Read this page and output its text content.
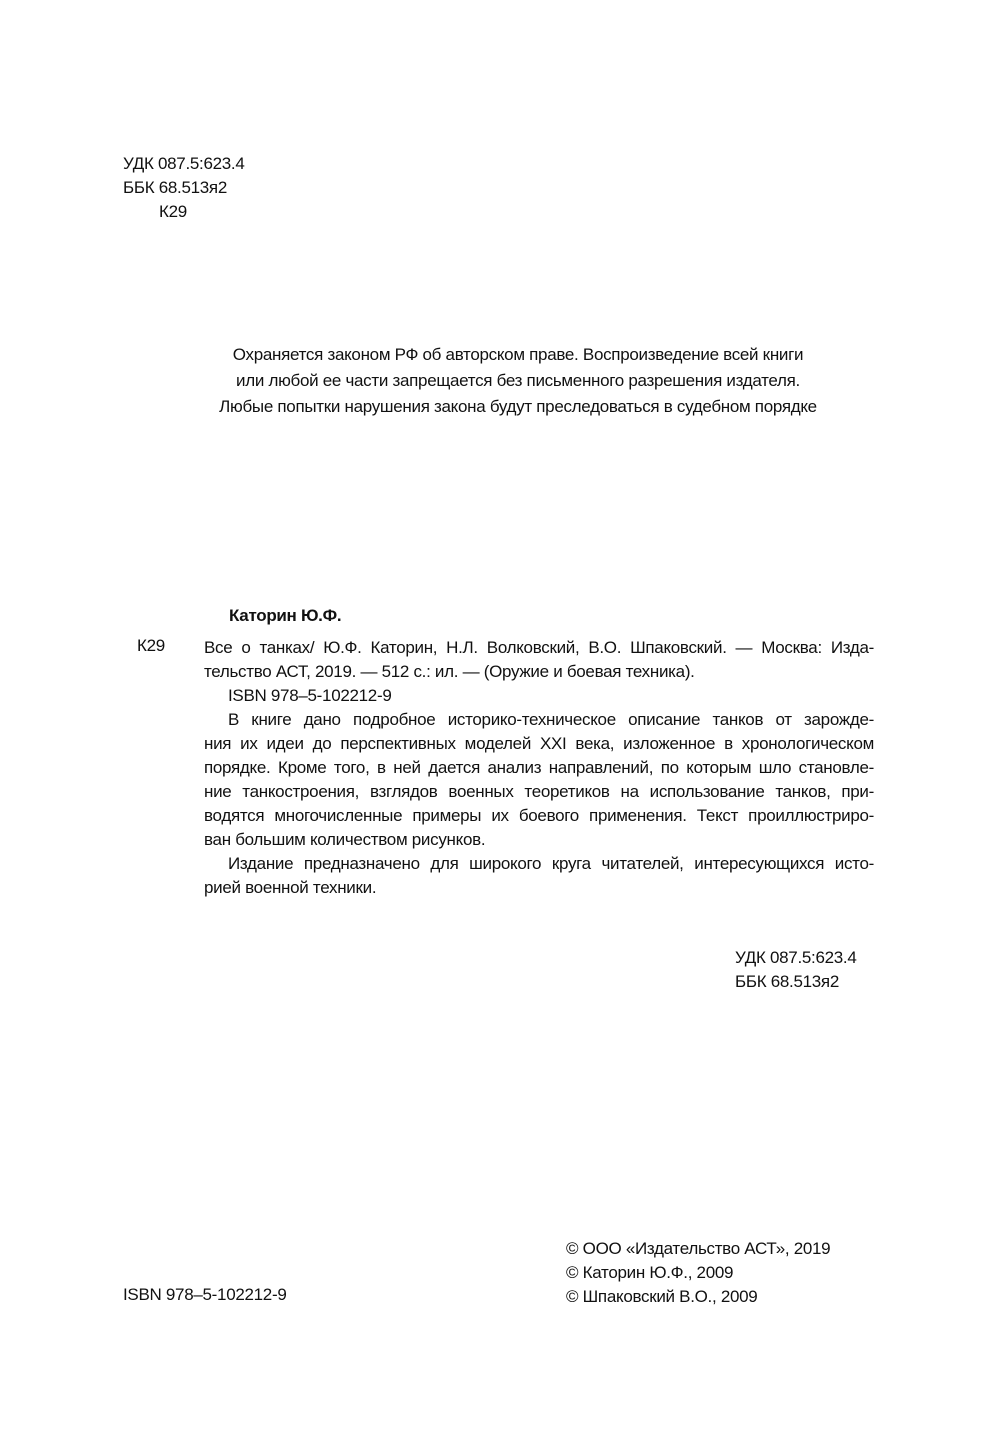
УДК 087.5:623.4
ББК 68.513я2
К29
Охраняется законом РФ об авторском праве. Воспроизведение всей книги
или любой ее части запрещается без письменного разрешения издателя.
Любые попытки нарушения закона будут преследоваться в судебном порядке
Каторин Ю.Ф.
К29 Все о танках/ Ю.Ф. Каторин, Н.Л. Волковский, В.О. Шпаковский. — Москва: Изда-
тельство АСТ, 2019. — 512 с.: ил. — (Оружие и боевая техника).
ISBN 978–5-102212-9
В книге дано подробное историко-техническое описание танков от зарожде-
ния их идеи до перспективных моделей XXI века, изложенное в хронологическом
порядке. Кроме того, в ней дается анализ направлений, по которым шло становле-
ние танкостроения, взглядов военных теоретиков на использование танков, при-
водятся многочисленные примеры их боевого применения. Текст проиллюстриро-
ван большим количеством рисунков.
Издание предназначено для широкого круга читателей, интересующихся исто-
рией военной техники.
УДК 087.5:623.4
ББК 68.513я2
© ООО «Издательство АСТ», 2019
© Каторин Ю.Ф., 2009
© Шпаковский В.О., 2009
ISBN 978–5-102212-9
